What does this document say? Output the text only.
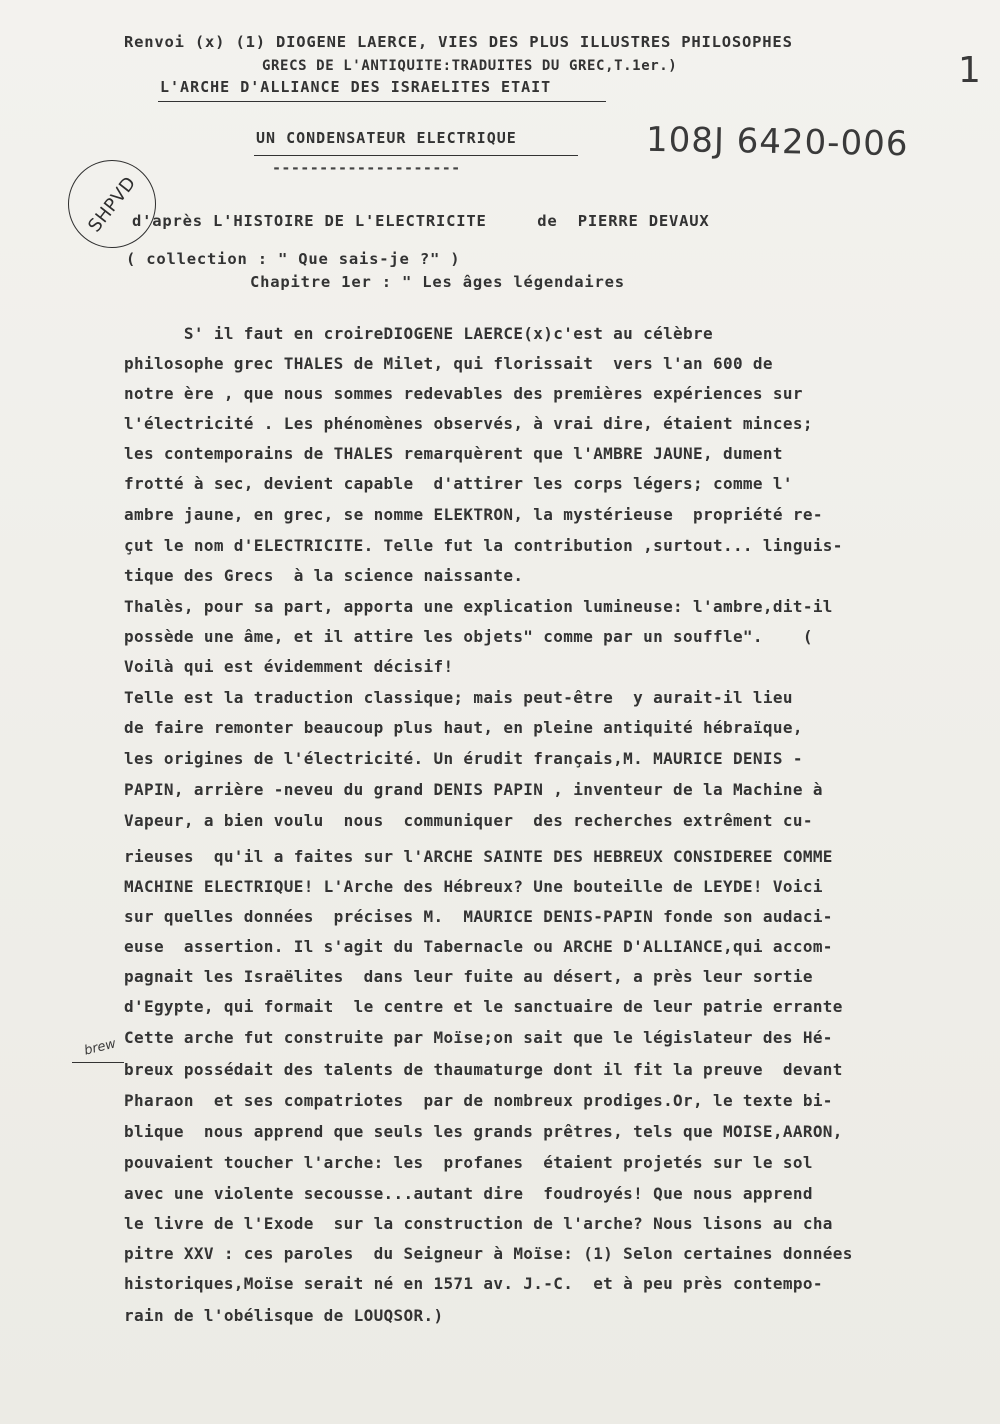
Renvoi (x) (1) DIOGENE LAERCE, VIES DES PLUS ILLUSTRES PHILOSOPHES
GRECS DE L'ANTIQUITE:TRADUITES DU GREC,T.1er.)	1
L'ARCHE D'ALLIANCE DES ISRAELITES ETAIT
UN CONDENSATEUR ELECTRIQUE
--------------------
108J 6420-006
SHPVD
d'après L'HISTOIRE DE L'ELECTRICITE     de  PIERRE DEVAUX
( collection : " Que sais-je ?" )
Chapitre 1er : " Les âges légendaires
S' il faut en croireDIOGENE LAERCE(x)c'est au célèbre
philosophe grec THALES de Milet, qui florissait  vers l'an 600 de
notre ère , que nous sommes redevables des premières expériences sur
l'électricité . Les phénomènes observés, à vrai dire, étaient minces;
les contemporains de THALES remarquèrent que l'AMBRE JAUNE, dument
frotté à sec, devient capable  d'attirer les corps légers; comme l'
ambre jaune, en grec, se nomme ELEKTRON, la mystérieuse  propriété re-
çut le nom d'ELECTRICITE. Telle fut la contribution ,surtout... linguis-
tique des Grecs  à la science naissante.
Thalès, pour sa part, apporta une explication lumineuse: l'ambre,dit-il
possède une âme, et il attire les objets" comme par un souffle".    (
Voilà qui est évidemment décisif!
Telle est la traduction classique; mais peut-être  y aurait-il lieu
de faire remonter beaucoup plus haut, en pleine antiquité hébraïque,
les origines de l'électricité. Un érudit français,M. MAURICE DENIS -
PAPIN, arrière -neveu du grand DENIS PAPIN , inventeur de la Machine à
Vapeur, a bien voulu  nous  communiquer  des recherches extrêment cu-
rieuses  qu'il a faites sur l'ARCHE SAINTE DES HEBREUX CONSIDEREE COMME
MACHINE ELECTRIQUE! L'Arche des Hébreux? Une bouteille de LEYDE! Voici
sur quelles données  précises M.  MAURICE DENIS-PAPIN fonde son audaci-
euse  assertion. Il s'agit du Tabernacle ou ARCHE D'ALLIANCE,qui accom-
pagnait les Israëlites  dans leur fuite au désert, a près leur sortie
d'Egypte, qui formait  le centre et le sanctuaire de leur patrie errante
Cette arche fut construite par Moïse;on sait que le législateur des Hé-
breux possédait des talents de thaumaturge dont il fit la preuve  devant
Pharaon  et ses compatriotes  par de nombreux prodiges.Or, le texte bi-
blique  nous apprend que seuls les grands prêtres, tels que MOISE,AARON,
pouvaient toucher l'arche: les  profanes  étaient projetés sur le sol
avec une violente secousse...autant dire  foudroyés! Que nous apprend
le livre de l'Exode  sur la construction de l'arche? Nous lisons au cha
pitre XXV : ces paroles  du Seigneur à Moïse: (1) Selon certaines données
historiques,Moïse serait né en 1571 av. J.-C.  et à peu près contempo-
rain de l'obélisque de LOUQSOR.)
brew
